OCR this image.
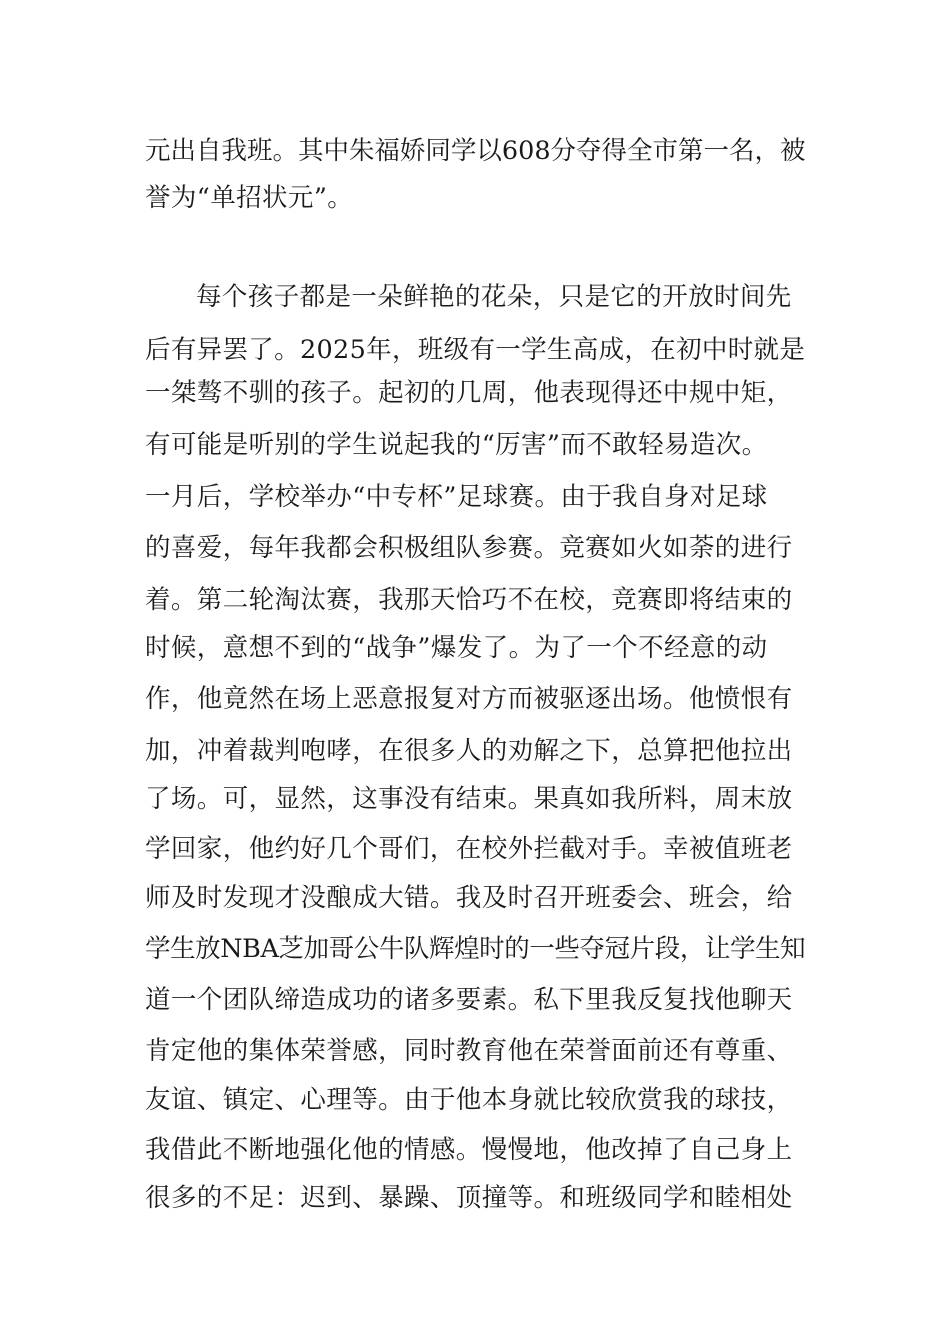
元出自我班。其中朱福娇同学以608分夺得全市第一名，被
誉为“单招状元”。
每个孩子都是一朵鲜艳的花朵，只是它的开放时间先
后有异罢了。2025年，班级有一学生高成，在初中时就是
一桀骜不驯的孩子。起初的几周，他表现得还中规中矩，
有可能是听别的学生说起我的“厉害”而不敢轻易造次。
一月后，学校举办“中专杯”足球赛。由于我自身对足球
的喜爱，每年我都会积极组队参赛。竞赛如火如荼的进行
着。第二轮淘汰赛，我那天恰巧不在校，竞赛即将结束的
时候，意想不到的“战争”爆发了。为了一个不经意的动
作，他竟然在场上恶意报复对方而被驱逐出场。他愤恨有
加，冲着裁判咆哮，在很多人的劝解之下，总算把他拉出
了场。可，显然，这事没有结束。果真如我所料，周末放
学回家，他约好几个哥们，在校外拦截对手。幸被值班老
师及时发现才没酿成大错。我及时召开班委会、班会，给
学生放NBA芝加哥公牛队辉煌时的一些夺冠片段，让学生知
道一个团队缔造成功的诸多要素。私下里我反复找他聊天
肯定他的集体荣誉感，同时教育他在荣誉面前还有尊重、
友谊、镇定、心理等。由于他本身就比较欣赏我的球技，
我借此不断地强化他的情感。慢慢地，他改掉了自己身上
很多的不足：迟到、暴躁、顶撞等。和班级同学和睦相处
